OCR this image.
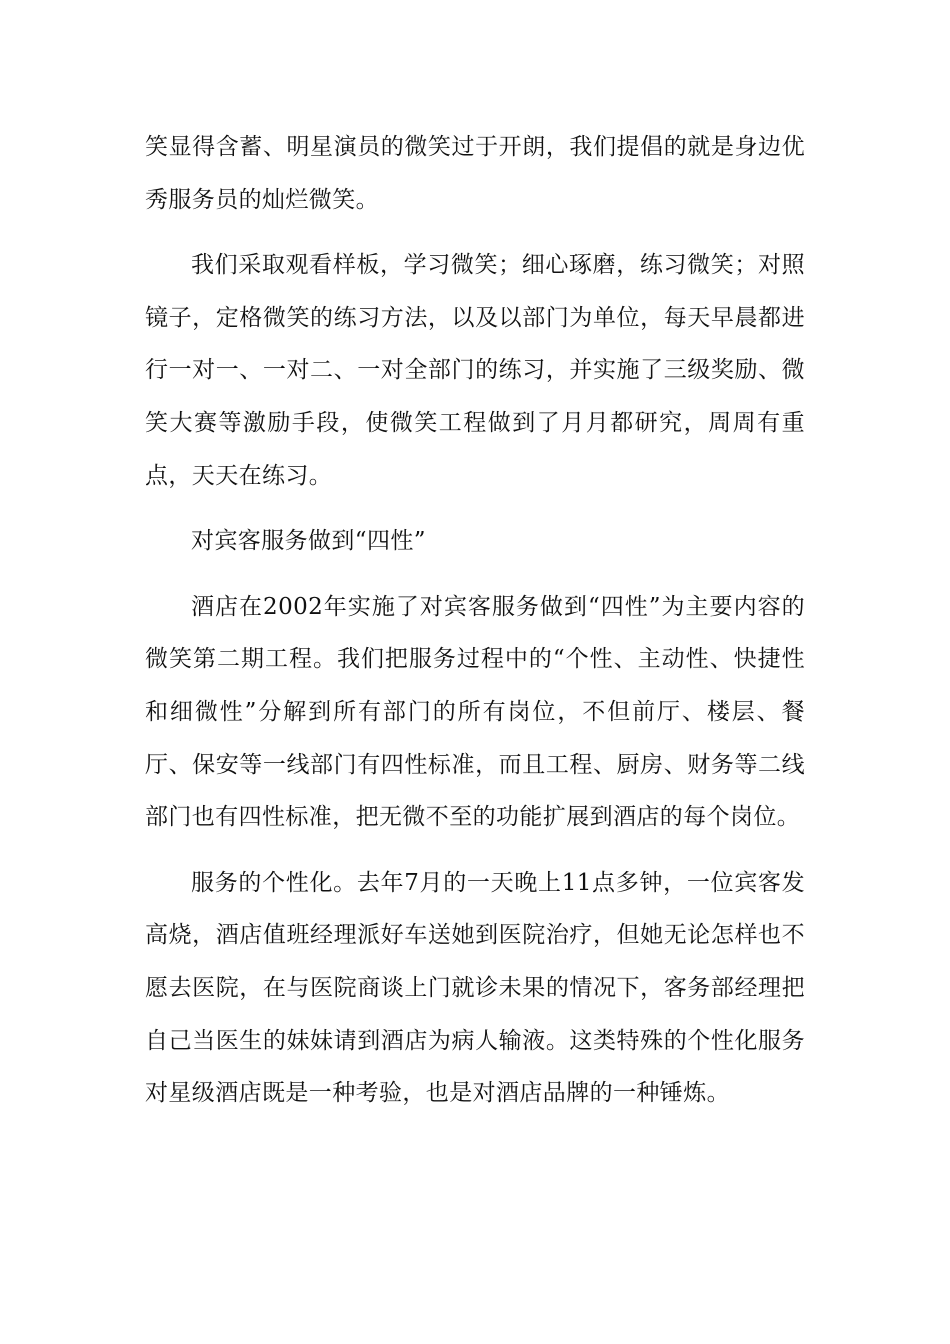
笑显得含蓄、明星演员的微笑过于开朗，我们提倡的就是身边优秀服务员的灿烂微笑。

我们采取观看样板，学习微笑；细心琢磨，练习微笑；对照镜子，定格微笑的练习方法，以及以部门为单位，每天早晨都进行一对一、一对二、一对全部门的练习，并实施了三级奖励、微笑大赛等激励手段，使微笑工程做到了月月都研究，周周有重点，天天在练习。

对宾客服务做到“四性”

酒店在2002年实施了对宾客服务做到“四性”为主要内容的微笑第二期工程。我们把服务过程中的“个性、主动性、快捷性和细微性”分解到所有部门的所有岗位，不但前厅、楼层、餐厅、保安等一线部门有四性标准，而且工程、厨房、财务等二线部门也有四性标准，把无微不至的功能扩展到酒店的每个岗位。

服务的个性化。去年7月的一天晚上11点多钟，一位宾客发高烧，酒店值班经理派好车送她到医院治疗，但她无论怎样也不愿去医院，在与医院商谈上门就诊未果的情况下，客务部经理把自己当医生的妹妹请到酒店为病人输液。这类特殊的个性化服务对星级酒店既是一种考验，也是对酒店品牌的一种锤炼。
